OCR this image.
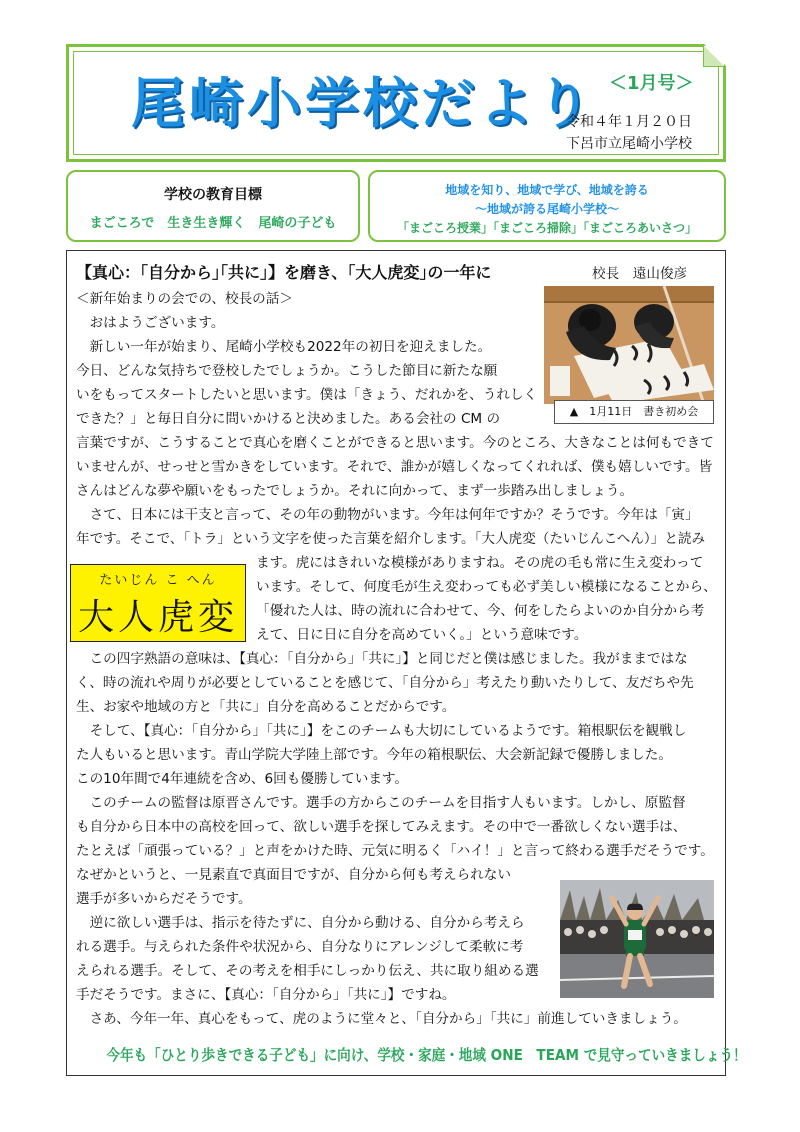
尾崎小学校だより ＜1月号＞
令和４年１月２０日
下呂市立尾崎小学校
学校の教育目標
まごころで　生き生き輝く　尾崎の子ども
地域を知り、地域で学び、地域を誇る
～地域が誇る尾崎小学校～
「まごころ授業」「まごころ掃除」「まごころあいさつ」
【真心：｢自分から｣｢共に｣】を磨き、｢大人虎変｣の一年に	校長　遠山俊彦
▲　1月11日　書き初め会
たいじん こ へん
大人虎変
＜新年始まりの会での、校長の話＞
　おはようございます。
　新しい一年が始まり、尾崎小学校も2022年の初日を迎えました。
今日、どんな気持ちで登校したでしょうか。こうした節目に新たな願
いをもってスタートしたいと思います。僕は「きょう、だれかを、うれしく
できた？」と毎日自分に問いかけると決めました。ある会社の CM の
言葉ですが、こうすることで真心を磨くことができると思います。今のところ、大きなことは何もできて
いませんが、せっせと雪かきをしています。それで、誰かが嬉しくなってくれれば、僕も嬉しいです。皆
さんはどんな夢や願いをもったでしょうか。それに向かって、まず一歩踏み出しましょう。
　さて、日本には干支と言って、その年の動物がいます。今年は何年ですか？そうです。今年は「寅」
年です。そこで、「トラ」という文字を使った言葉を紹介します。「大人虎変（たいじんこへん）」と読み
ます。虎にはきれいな模様がありますね。その虎の毛も常に生え変わって
います。そして、何度毛が生え変わっても必ず美しい模様になることから、
「優れた人は、時の流れに合わせて、今、何をしたらよいのか自分から考
えて、日に日に自分を高めていく。」という意味です。
　この四字熟語の意味は、【真心：「自分から」「共に」】と同じだと僕は感じました。我がままではな
く、時の流れや周りが必要としていることを感じて、「自分から」考えたり動いたりして、友だちや先
生、お家や地域の方と「共に」自分を高めることだからです。
　そして、【真心：「自分から」「共に」】をこのチームも大切にしているようです。箱根駅伝を観戦し
た人もいると思います。青山学院大学陸上部です。今年の箱根駅伝、大会新記録で優勝しました。
この10年間で4年連続を含め、6回も優勝しています。
　このチームの監督は原晋さんです。選手の方からこのチームを目指す人もいます。しかし、原監督
も自分から日本中の高校を回って、欲しい選手を探してみえます。その中で一番欲しくない選手は、
たとえば「頑張っている？」と声をかけた時、元気に明るく「ハイ！」と言って終わる選手だそうです。
なぜかというと、一見素直で真面目ですが、自分から何も考えられない
選手が多いからだそうです。
　逆に欲しい選手は、指示を待たずに、自分から動ける、自分から考えら
れる選手。与えられた条件や状況から、自分なりにアレンジして柔軟に考
えられる選手。そして、その考えを相手にしっかり伝え、共に取り組める選
手だそうです。まさに、【真心：「自分から」「共に」】ですね。
　さあ、今年一年、真心をもって、虎のように堂々と、「自分から」「共に」前進していきましょう。
今年も「ひとり歩きできる子ども」に向け、学校・家庭・地域 ONE　TEAM で見守っていきましょう！
